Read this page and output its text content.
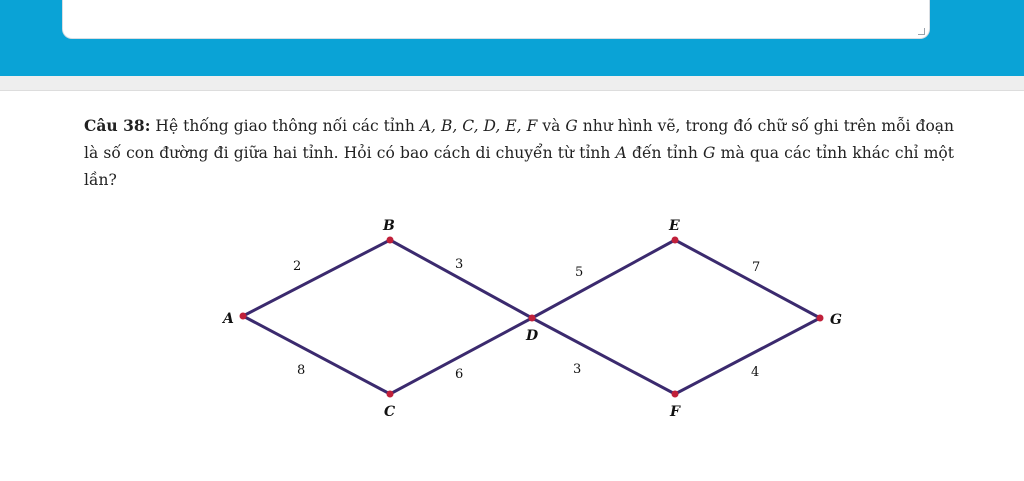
Câu 38: Hệ thống giao thông nối các tỉnh A, B, C, D, E, F và G như hình vẽ, trong đó chữ số ghi trên mỗi đoạn là số con đường đi giữa hai tỉnh. Hỏi có bao cách di chuyển từ tỉnh A đến tỉnh G mà qua các tỉnh khác chỉ một lần?
B	E
A
D
G
C	F
2	3
5	7
8	6	3	4
